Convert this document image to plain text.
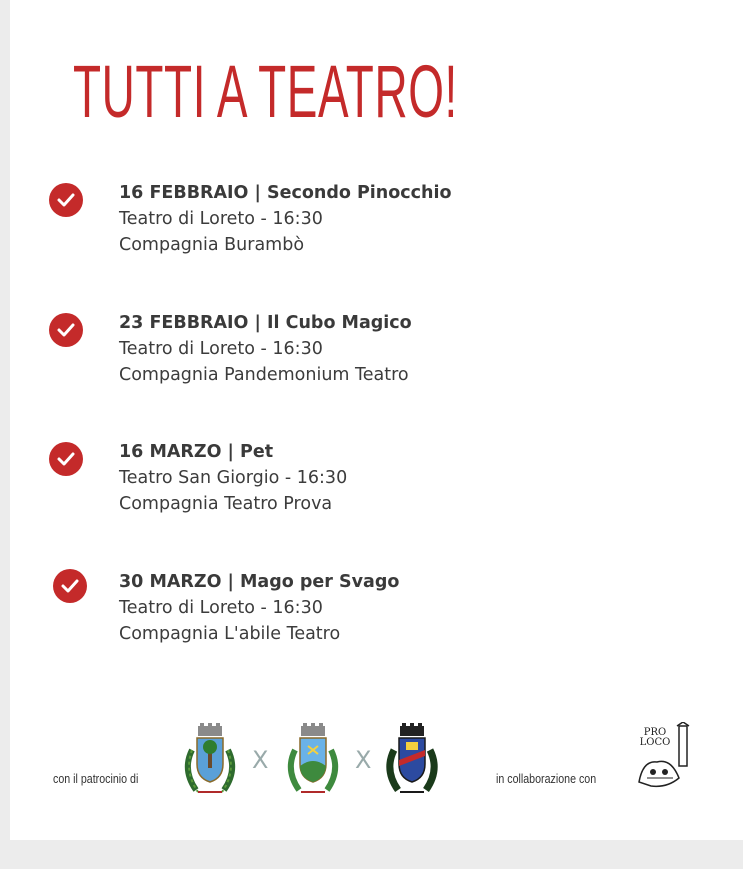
TUTTI A TEATRO!
16 FEBBRAIO | Secondo Pinocchio
Teatro di Loreto - 16:30
Compagnia Burambò
23 FEBBRAIO | Il Cubo Magico
Teatro di Loreto - 16:30
Compagnia Pandemonium Teatro
16 MARZO | Pet
Teatro San Giorgio - 16:30
Compagnia Teatro Prova
30 MARZO | Mago per Svago
Teatro di Loreto - 16:30
Compagnia L'abile Teatro
con il patrocinio di
X	X
in collaborazione con
PRO LOCO
